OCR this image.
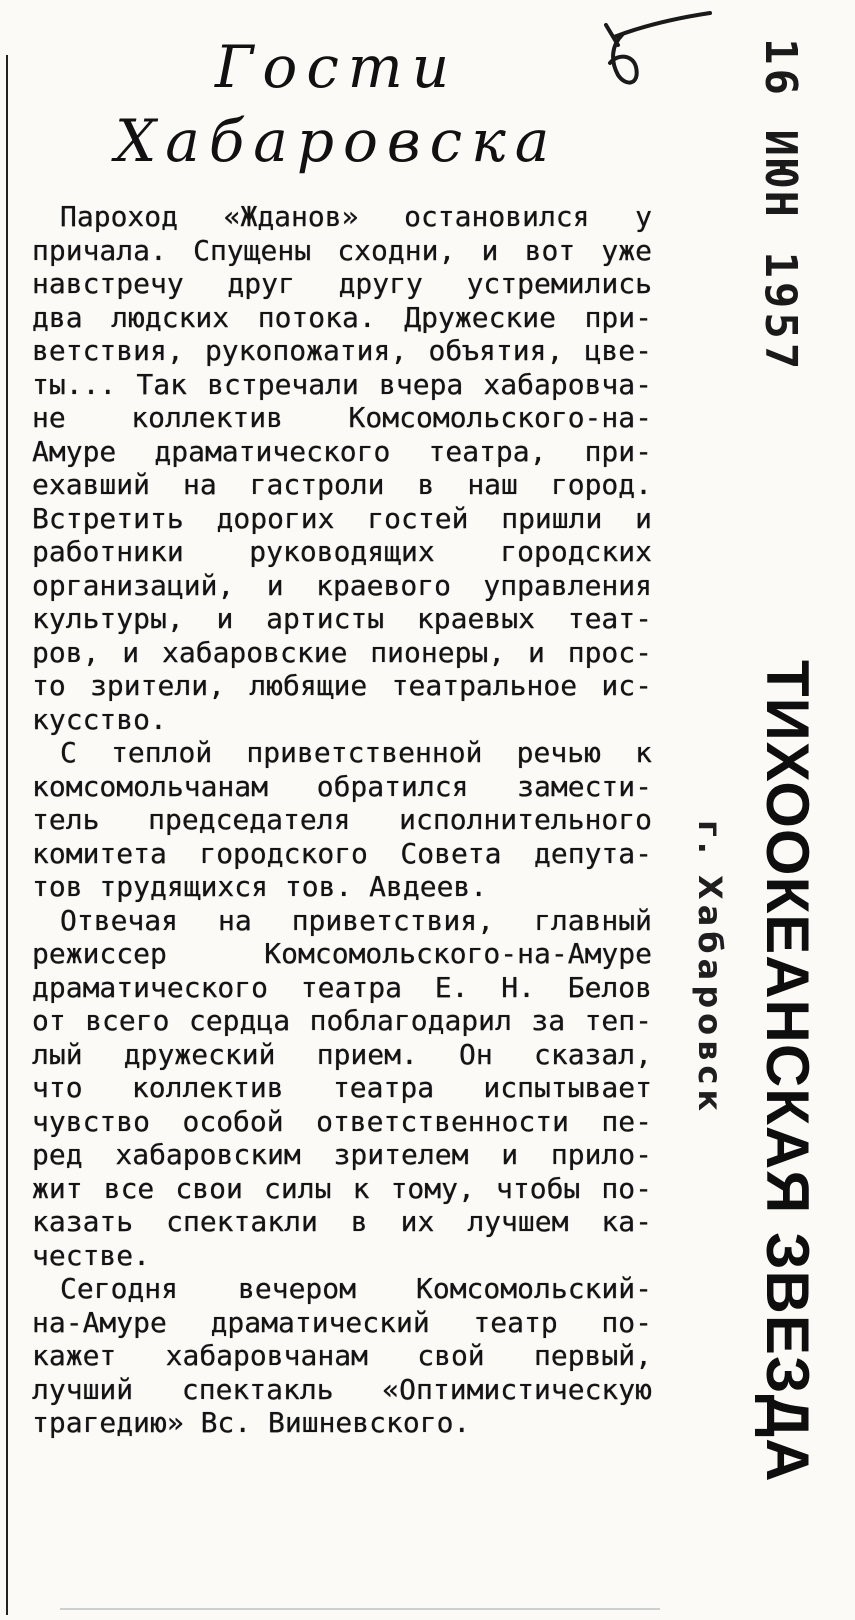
Гости
Хабаровска
Пароход «Жданов» остановился у
причала. Спущены сходни, и вот уже
навстречу друг другу устремились
два людских потока. Дружеские при-
ветствия, рукопожатия, объятия, цве-
ты... Так встречали вчера хабаровча-
не коллектив Комсомольского-на-
Амуре драматического театра, при-
ехавший на гастроли в наш город.
Встретить дорогих гостей пришли и
работники руководящих городских
организаций, и краевого управления
культуры, и артисты краевых теат-
ров, и хабаровские пионеры, и прос-
то зрители, любящие театральное ис-
кусство.
С теплой приветственной речью к
комсомольчанам обратился замести-
тель председателя исполнительного
комитета городского Совета депута-
тов трудящихся тов. Авдеев.
Отвечая на приветствия, главный
режиссер Комсомольского-на-Амуре
драматического театра Е. Н. Белов
от всего сердца поблагодарил за теп-
лый дружеский прием. Он сказал,
что коллектив театра испытывает
чувство особой ответственности пе-
ред хабаровским зрителем и прило-
жит все свои силы к тому, чтобы по-
казать спектакли в их лучшем ка-
честве.
Сегодня вечером Комсомольский-
на-Амуре драматический театр по-
кажет хабаровчанам свой первый,
лучший спектакль «Оптимистическую
трагедию» Вс. Вишневского.
16 ИЮН 1957
г. Хабаровск ТИХООКЕАНСКАЯ ЗВЕЗДА
